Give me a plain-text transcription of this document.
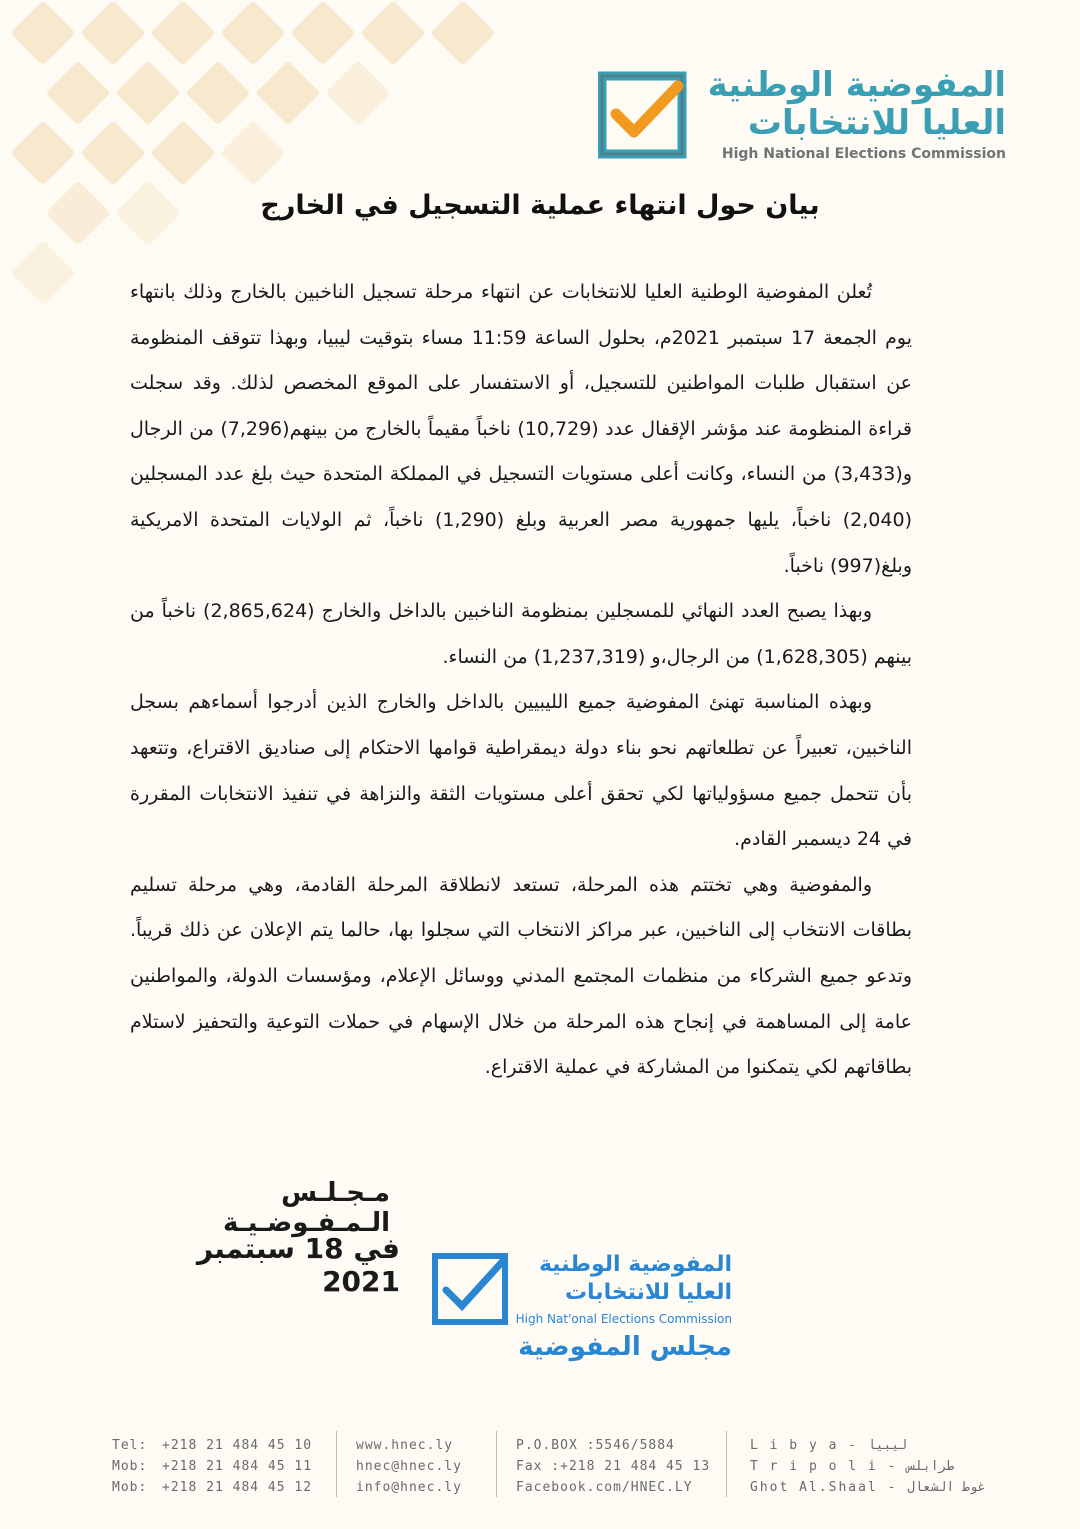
المفوضية الوطنية
العليا للانتخابات
High National Elections Commission
بيان حول انتهاء عملية التسجيل في الخارج

تُعلن المفوضية الوطنية العليا للانتخابات عن انتهاء مرحلة تسجيل الناخبين بالخارج وذلك بانتهاء يوم الجمعة 17 سبتمبر 2021م، بحلول الساعة 11:59 مساء بتوقيت ليبيا، وبهذا تتوقف المنظومة عن استقبال طلبات المواطنين للتسجيل، أو الاستفسار على الموقع المخصص لذلك. وقد سجلت قراءة المنظومة عند مؤشر الإقفال عدد (10,729) ناخباً مقيماً بالخارج من بينهم(7,296) من الرجال و(3,433) من النساء، وكانت أعلى مستويات التسجيل في المملكة المتحدة حيث بلغ عدد المسجلين (2,040) ناخباً، يليها جمهورية مصر العربية وبلغ (1,290) ناخباً، ثم الولايات المتحدة الامريكية وبلغ(997) ناخباً.

وبهذا يصبح العدد النهائي للمسجلين بمنظومة الناخبين بالداخل والخارج (2,865,624) ناخباً من بينهم (1,628,305) من الرجال،و (1,237,319) من النساء.

وبهذه المناسبة تهنئ المفوضية جميع الليبيين بالداخل والخارج الذين أدرجوا أسماءهم بسجل الناخبين، تعبيراً عن تطلعاتهم نحو بناء دولة ديمقراطية قوامها الاحتكام إلى صناديق الاقتراع، وتتعهد بأن تتحمل جميع مسؤولياتها لكي تحقق أعلى مستويات الثقة والنزاهة في تنفيذ الانتخابات المقررة في 24 ديسمبر القادم.

والمفوضية وهي تختتم هذه المرحلة، تستعد لانطلاقة المرحلة القادمة، وهي مرحلة تسليم بطاقات الانتخاب إلى الناخبين، عبر مراكز الانتخاب التي سجلوا بها، حالما يتم الإعلان عن ذلك قريباً. وتدعو جميع الشركاء من منظمات المجتمع المدني ووسائل الإعلام، ومؤسسات الدولة، والمواطنين عامة إلى المساهمة في إنجاح هذه المرحلة من خلال الإسهام في حملات التوعية والتحفيز لاستلام بطاقاتهم لكي يتمكنوا من المشاركة في عملية الاقتراع.

مـجـلـس الـمـفـوضـيـة
في 18 سبتمبر 2021
المفوضية الوطنية
العليا للانتخابات
High Nat'onal Elections Commission
مجلس المفوضية
Tel: +218 21 484 45 10
Mob: +218 21 484 45 11
Mob: +218 21 484 45 12
www.hnec.ly
hnec@hnec.ly
info@hnec.ly
P.O.BOX :5546/5884
Fax :+218 21 484 45 13
Facebook.com/HNEC.LY
L i b y a - ليبيا
T r i p o l i - طرابلس
Ghot Al.Shaal - غوط الشعال
